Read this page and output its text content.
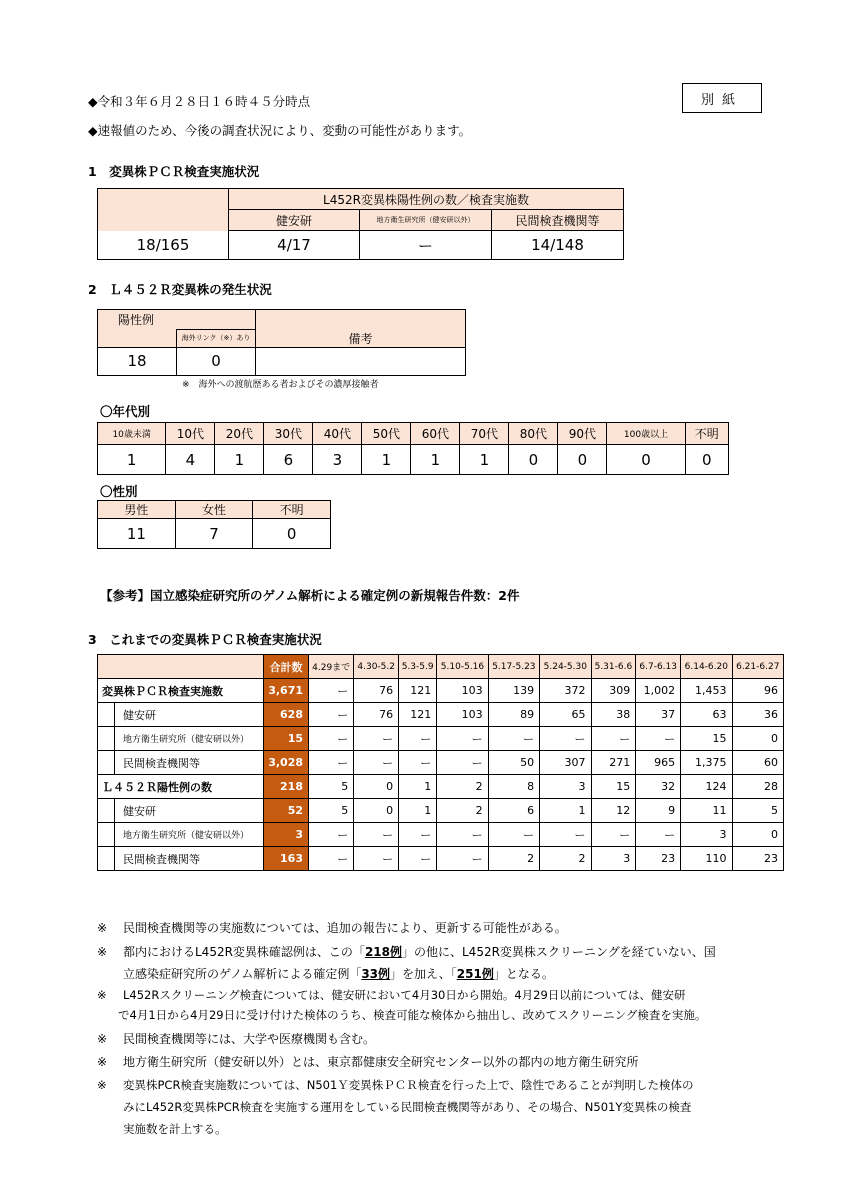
◆令和３年６月２８日１６時４５分時点
◆速報値のため、今後の調査状況により、変動の可能性があります。
別紙
1　変異株ＰＣＲ検査実施状況
	L452R変異株陽性例の数／検査実施数		
	健安研	地方衛生研究所（健安研以外）	民間検査機関等
18/165	4/17	ー	14/148
2　Ｌ４５２Ｒ変異株の発生状況
陽性例		
	海外リンク（※）あり	備考
18	0	
※　海外への渡航歴ある者およびその濃厚接触者
〇年代別
10歳未満	10代	20代	30代	40代	50代	60代	70代	80代	90代	100歳以上	不明
1	4	1	6	3	1	1	1	0	0	0	0
〇性別
男性	女性	不明
11	7	0
【参考】国立感染症研究所のゲノム解析による確定例の新規報告件数：2件
3　これまでの変異株ＰＣＲ検査実施状況
	合計数	4.29まで	4.30-5.2	5.3-5.9	5.10-5.16	5.17-5.23	5.24-5.30	5.31-6.6	6.7-6.13	6.14-6.20	6.21-6.27
変異株ＰＣＲ検査実施数	3,671	ー	76	121	103	139	372	309	1,002	1,453	96

健安研	628	ー	76	121	103	89	65	38	37	63	36

地方衛生研究所（健安研以外）	15	ー	ー	ー	ー	ー	ー	ー	ー	15	0

民間検査機関等	3,028	ー	ー	ー	ー	50	307	271	965	1,375	60
Ｌ４５２Ｒ陽性例の数	218	5	0	1	2	8	3	15	32	124	28

健安研	52	5	0	1	2	6	1	12	9	11	5

地方衛生研究所（健安研以外）	3	ー	ー	ー	ー	ー	ー	ー	ー	3	0

民間検査機関等	163	ー	ー	ー	ー	2	2	3	23	110	23
※ 民間検査機関等の実施数については、追加の報告により、更新する可能性がある。
※ 都内におけるL452R変異株確認例は、この「218例」の他に、L452R変異株スクリーニングを経ていない、国
立感染症研究所のゲノム解析による確定例「33例」を加え、「251例」となる。
※ L452Rスクリーニング検査については、健安研において4月30日から開始。4月29日以前については、健安研
で4月1日から4月29日に受け付けた検体のうち、検査可能な検体から抽出し、改めてスクリーニング検査を実施。
※ 民間検査機関等には、大学や医療機関も含む。
※ 地方衛生研究所（健安研以外）とは、東京都健康安全研究センター以外の都内の地方衛生研究所
※ 変異株PCR検査実施数については、N501Ｙ変異株ＰＣＲ検査を行った上で、陰性であることが判明した検体の
みにL452R変異株PCR検査を実施する運用をしている民間検査機関等があり、その場合、N501Y変異株の検査
実施数を計上する。
